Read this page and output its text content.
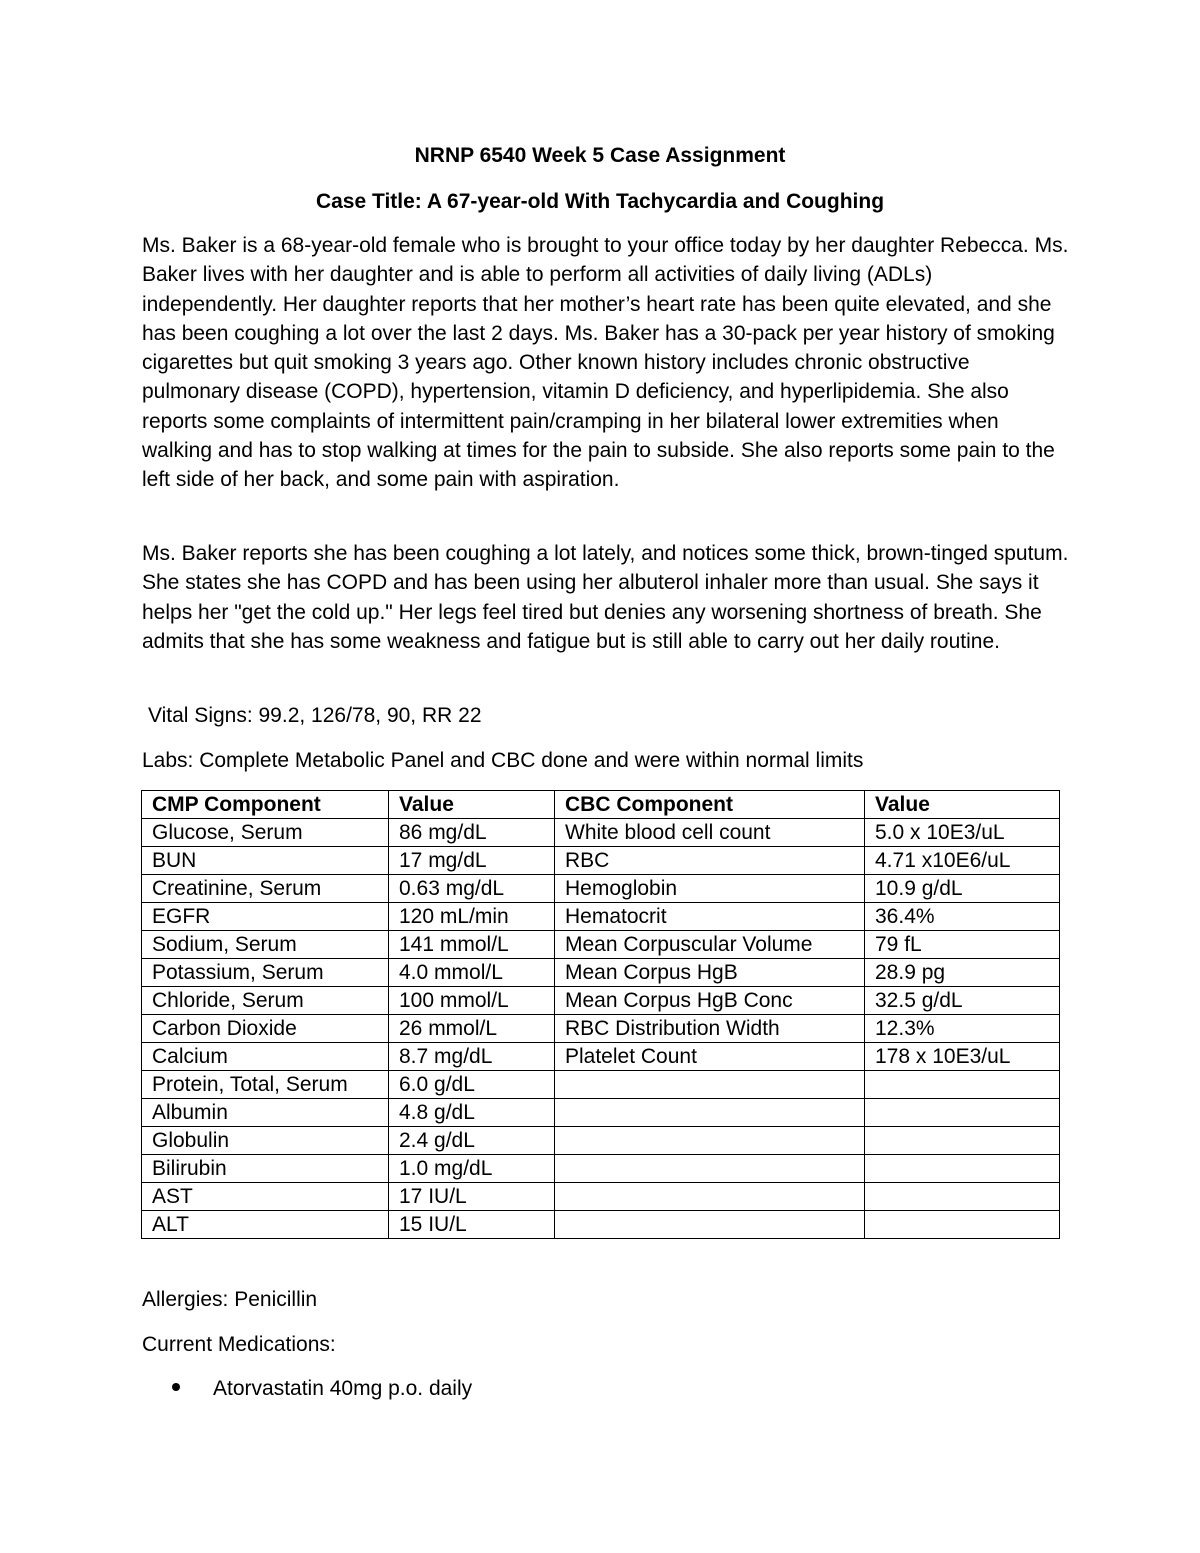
NRNP 6540 Week 5 Case Assignment
Case Title: A 67-year-old With Tachycardia and Coughing
Ms. Baker is a 68-year-old female who is brought to your office today by her daughter Rebecca. Ms. Baker lives with her daughter and is able to perform all activities of daily living (ADLs) independently. Her daughter reports that her mother’s heart rate has been quite elevated, and she has been coughing a lot over the last 2 days. Ms. Baker has a 30-pack per year history of smoking cigarettes but quit smoking 3 years ago. Other known history includes chronic obstructive pulmonary disease (COPD), hypertension, vitamin D deficiency, and hyperlipidemia. She also reports some complaints of intermittent pain/cramping in her bilateral lower extremities when walking and has to stop walking at times for the pain to subside. She also reports some pain to the left side of her back, and some pain with aspiration.
Ms. Baker reports she has been coughing a lot lately, and notices some thick, brown-tinged sputum. She states she has COPD and has been using her albuterol inhaler more than usual. She says it helps her "get the cold up." Her legs feel tired but denies any worsening shortness of breath. She admits that she has some weakness and fatigue but is still able to carry out her daily routine.
Vital Signs: 99.2, 126/78, 90, RR 22
Labs: Complete Metabolic Panel and CBC done and were within normal limits
CMP Component	Value	CBC Component	Value
Glucose, Serum	86 mg/dL	White blood cell count	5.0 x 10E3/uL
BUN	17 mg/dL	RBC	4.71 x10E6/uL
Creatinine, Serum	0.63 mg/dL	Hemoglobin	10.9 g/dL
EGFR	120 mL/min	Hematocrit	36.4%
Sodium, Serum	141 mmol/L	Mean Corpuscular Volume	79 fL
Potassium, Serum	4.0 mmol/L	Mean Corpus HgB	28.9 pg
Chloride, Serum	100 mmol/L	Mean Corpus HgB Conc	32.5 g/dL
Carbon Dioxide	26 mmol/L	RBC Distribution Width	12.3%
Calcium	8.7 mg/dL	Platelet Count	178 x 10E3/uL
Protein, Total, Serum	6.0 g/dL		
Albumin	4.8 g/dL		
Globulin	2.4 g/dL		
Bilirubin	1.0 mg/dL		
AST	17 IU/L		
ALT	15 IU/L		
Allergies: Penicillin
Current Medications:
Atorvastatin 40mg p.o. daily
